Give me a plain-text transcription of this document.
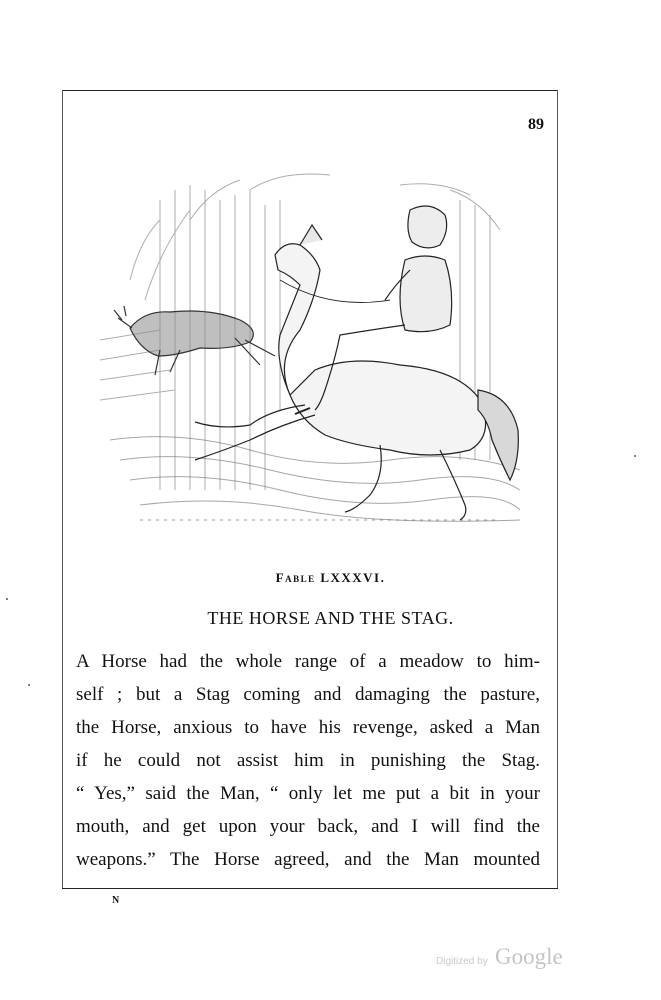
89
Fable LXXXVI.
THE HORSE AND THE STAG.
A Horse had the whole range of a meadow to him-
self ; but a Stag coming and damaging the pasture,
the Horse, anxious to have his revenge, asked a Man
if he could not assist him in punishing the Stag.
“ Yes,” said the Man, “ only let me put a bit in your
mouth, and get upon your back, and I will find the
weapons.” The Horse agreed, and the Man mounted
N
Digitized by Google
